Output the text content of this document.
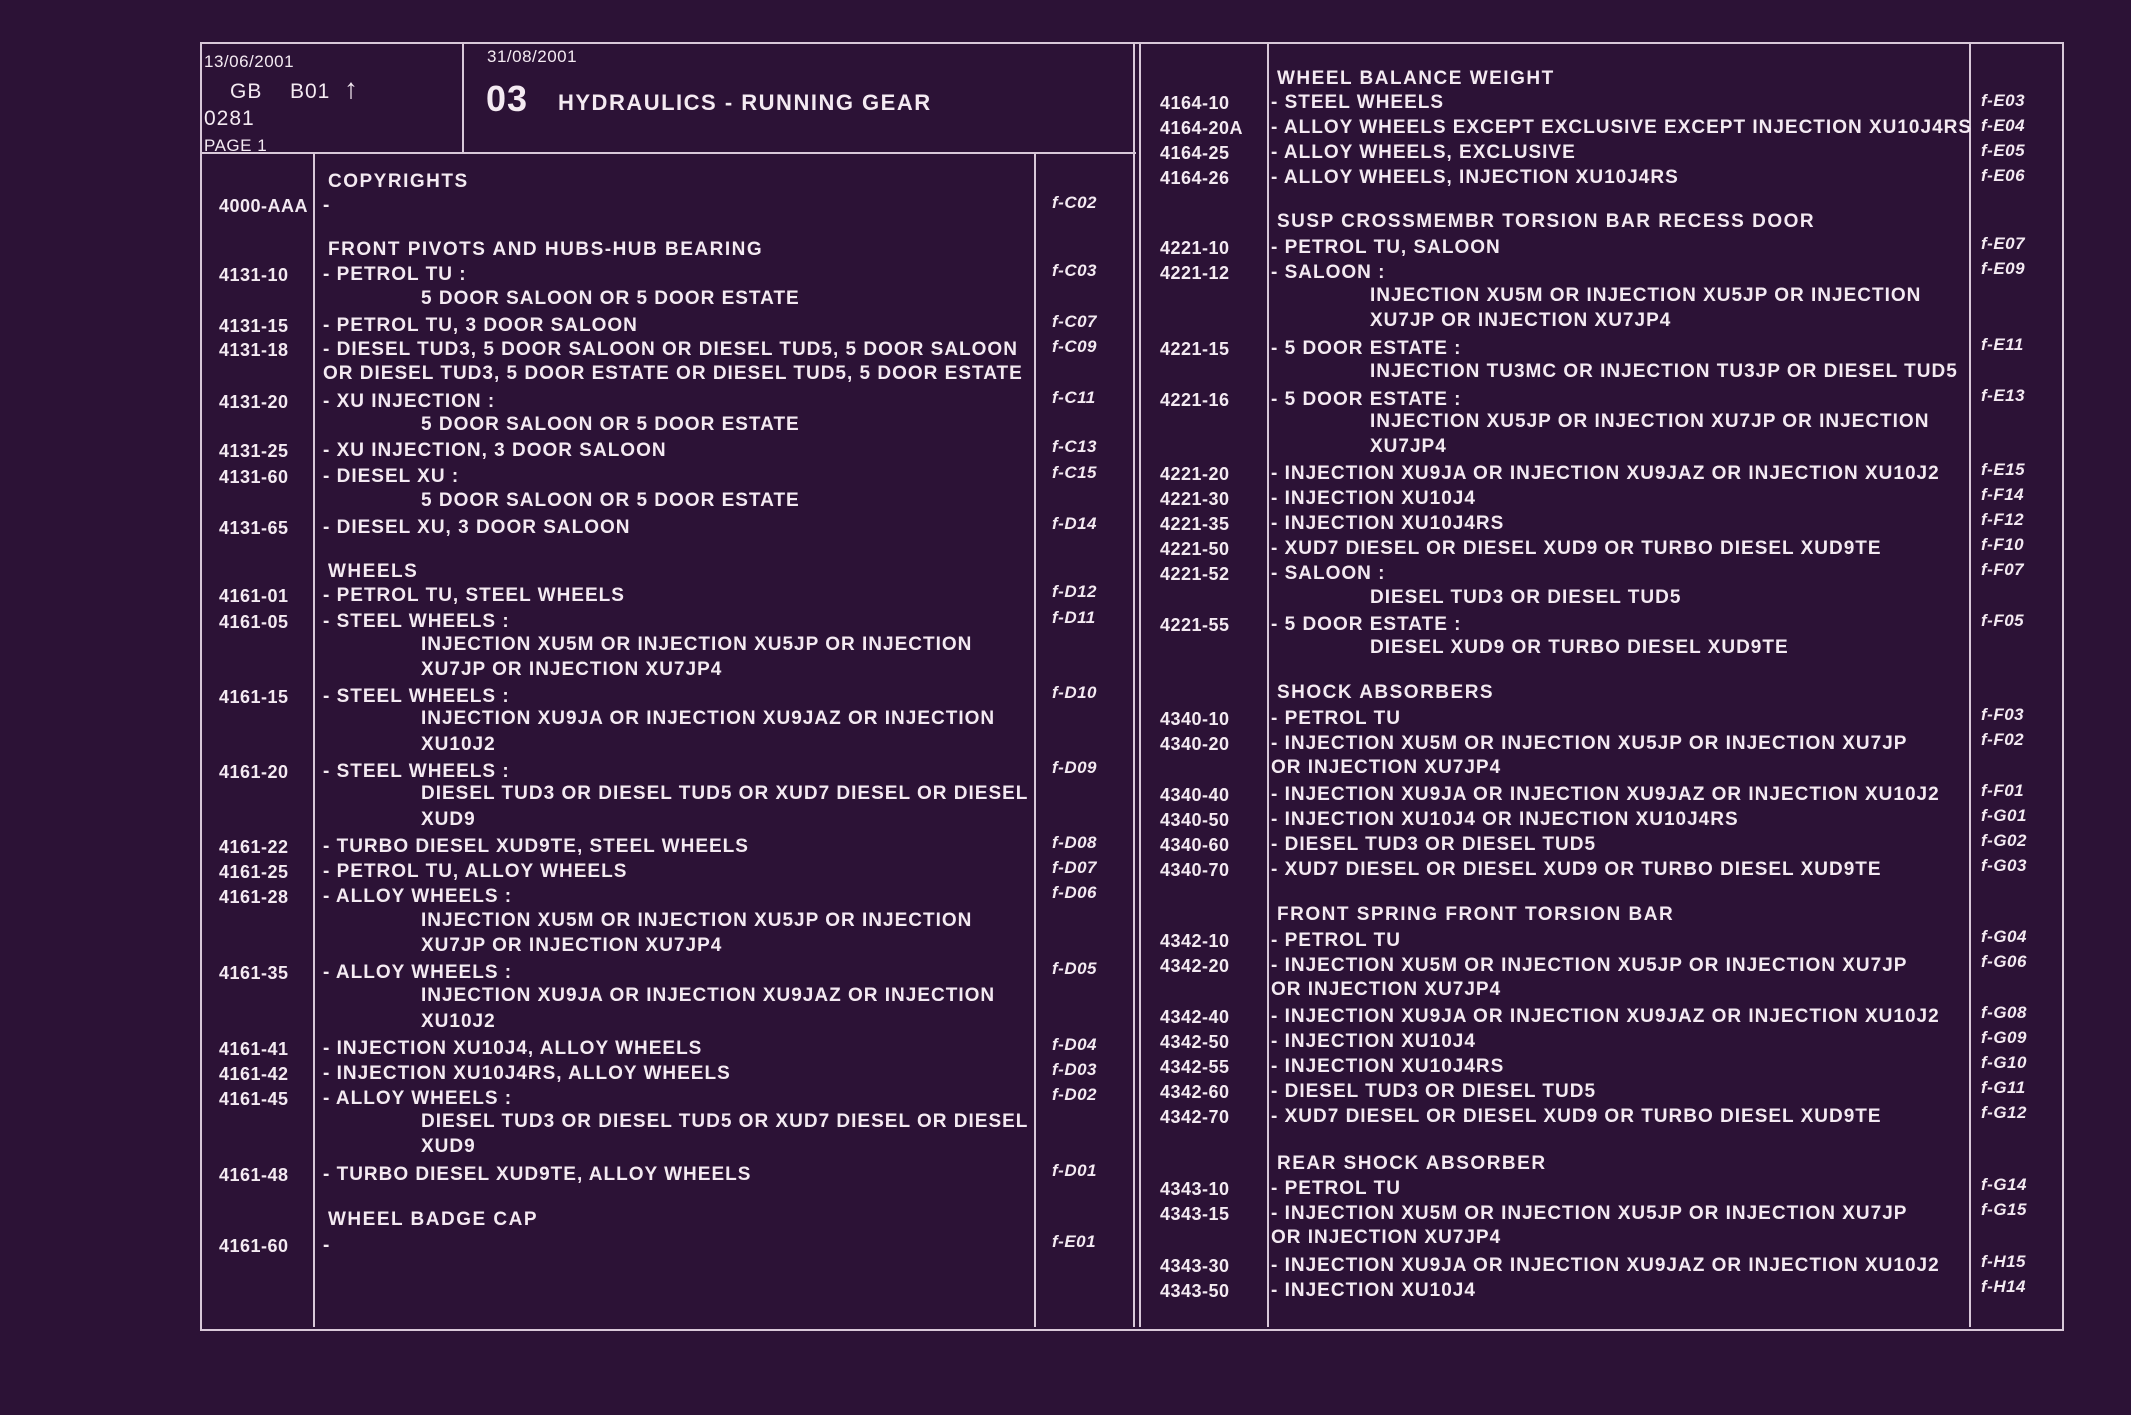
13/06/2001
GB B01 ↑
0281
PAGE 1
31/08/2001
03 HYDRAULICS - RUNNING GEAR
COPYRIGHTS
4000-AAA -	f-C02
FRONT PIVOTS AND HUBS-HUB BEARING
4131-10 - PETROL TU :	f-C03
5 DOOR SALOON OR 5 DOOR ESTATE
4131-15 - PETROL TU, 3 DOOR SALOON	f-C07
4131-18 - DIESEL TUD3, 5 DOOR SALOON OR DIESEL TUD5, 5 DOOR SALOON f-C09
OR DIESEL TUD3, 5 DOOR ESTATE OR DIESEL TUD5, 5 DOOR ESTATE
4131-20 - XU INJECTION :	f-C11
5 DOOR SALOON OR 5 DOOR ESTATE
4131-25 - XU INJECTION, 3 DOOR SALOON	f-C13
4131-60 - DIESEL XU :	f-C15
5 DOOR SALOON OR 5 DOOR ESTATE
4131-65 - DIESEL XU, 3 DOOR SALOON	f-D14
WHEELS
4161-01 - PETROL TU, STEEL WHEELS	f-D12
4161-05 - STEEL WHEELS :	f-D11
INJECTION XU5M OR INJECTION XU5JP OR INJECTION
XU7JP OR INJECTION XU7JP4
4161-15 - STEEL WHEELS :	f-D10
INJECTION XU9JA OR INJECTION XU9JAZ OR INJECTION
XU10J2
4161-20 - STEEL WHEELS :	f-D09
DIESEL TUD3 OR DIESEL TUD5 OR XUD7 DIESEL OR DIESEL
XUD9
4161-22 - TURBO DIESEL XUD9TE, STEEL WHEELS	f-D08
4161-25 - PETROL TU, ALLOY WHEELS	f-D07
4161-28 - ALLOY WHEELS :	f-D06
INJECTION XU5M OR INJECTION XU5JP OR INJECTION
XU7JP OR INJECTION XU7JP4
4161-35 - ALLOY WHEELS :	f-D05
INJECTION XU9JA OR INJECTION XU9JAZ OR INJECTION
XU10J2
4161-41 - INJECTION XU10J4, ALLOY WHEELS	f-D04
4161-42 - INJECTION XU10J4RS, ALLOY WHEELS	f-D03
4161-45 - ALLOY WHEELS :	f-D02
DIESEL TUD3 OR DIESEL TUD5 OR XUD7 DIESEL OR DIESEL
XUD9
4161-48 - TURBO DIESEL XUD9TE, ALLOY WHEELS	f-D01
WHEEL BADGE CAP
4161-60 -	f-E01
WHEEL BALANCE WEIGHT
4164-10 - STEEL WHEELS	f-E03
4164-20A - ALLOY WHEELS EXCEPT EXCLUSIVE EXCEPT INJECTION XU10J4RS f-E04
4164-25 - ALLOY WHEELS, EXCLUSIVE	f-E05
4164-26 - ALLOY WHEELS, INJECTION XU10J4RS	f-E06
SUSP CROSSMEMBR TORSION BAR RECESS DOOR
4221-10 - PETROL TU, SALOON	f-E07
4221-12 - SALOON :	f-E09
INJECTION XU5M OR INJECTION XU5JP OR INJECTION
XU7JP OR INJECTION XU7JP4
4221-15 - 5 DOOR ESTATE :	f-E11
INJECTION TU3MC OR INJECTION TU3JP OR DIESEL TUD5
4221-16 - 5 DOOR ESTATE :	f-E13
INJECTION XU5JP OR INJECTION XU7JP OR INJECTION
XU7JP4
4221-20 - INJECTION XU9JA OR INJECTION XU9JAZ OR INJECTION XU10J2 f-E15
4221-30 - INJECTION XU10J4	f-F14
4221-35 - INJECTION XU10J4RS	f-F12
4221-50 - XUD7 DIESEL OR DIESEL XUD9 OR TURBO DIESEL XUD9TE	f-F10
4221-52 - SALOON :	f-F07
DIESEL TUD3 OR DIESEL TUD5
4221-55 - 5 DOOR ESTATE :	f-F05
DIESEL XUD9 OR TURBO DIESEL XUD9TE
SHOCK ABSORBERS
4340-10 - PETROL TU	f-F03
4340-20 - INJECTION XU5M OR INJECTION XU5JP OR INJECTION XU7JP	f-F02
OR INJECTION XU7JP4
4340-40 - INJECTION XU9JA OR INJECTION XU9JAZ OR INJECTION XU10J2 f-F01
4340-50 - INJECTION XU10J4 OR INJECTION XU10J4RS	f-G01
4340-60 - DIESEL TUD3 OR DIESEL TUD5	f-G02
4340-70 - XUD7 DIESEL OR DIESEL XUD9 OR TURBO DIESEL XUD9TE	f-G03
FRONT SPRING FRONT TORSION BAR
4342-10 - PETROL TU	f-G04
4342-20 - INJECTION XU5M OR INJECTION XU5JP OR INJECTION XU7JP	f-G06
OR INJECTION XU7JP4
4342-40 - INJECTION XU9JA OR INJECTION XU9JAZ OR INJECTION XU10J2 f-G08
4342-50 - INJECTION XU10J4	f-G09
4342-55 - INJECTION XU10J4RS	f-G10
4342-60 - DIESEL TUD3 OR DIESEL TUD5	f-G11
4342-70 - XUD7 DIESEL OR DIESEL XUD9 OR TURBO DIESEL XUD9TE	f-G12
REAR SHOCK ABSORBER
4343-10 - PETROL TU	f-G14
4343-15 - INJECTION XU5M OR INJECTION XU5JP OR INJECTION XU7JP	f-G15
OR INJECTION XU7JP4
4343-30 - INJECTION XU9JA OR INJECTION XU9JAZ OR INJECTION XU10J2 f-H15
4343-50 - INJECTION XU10J4	f-H14
